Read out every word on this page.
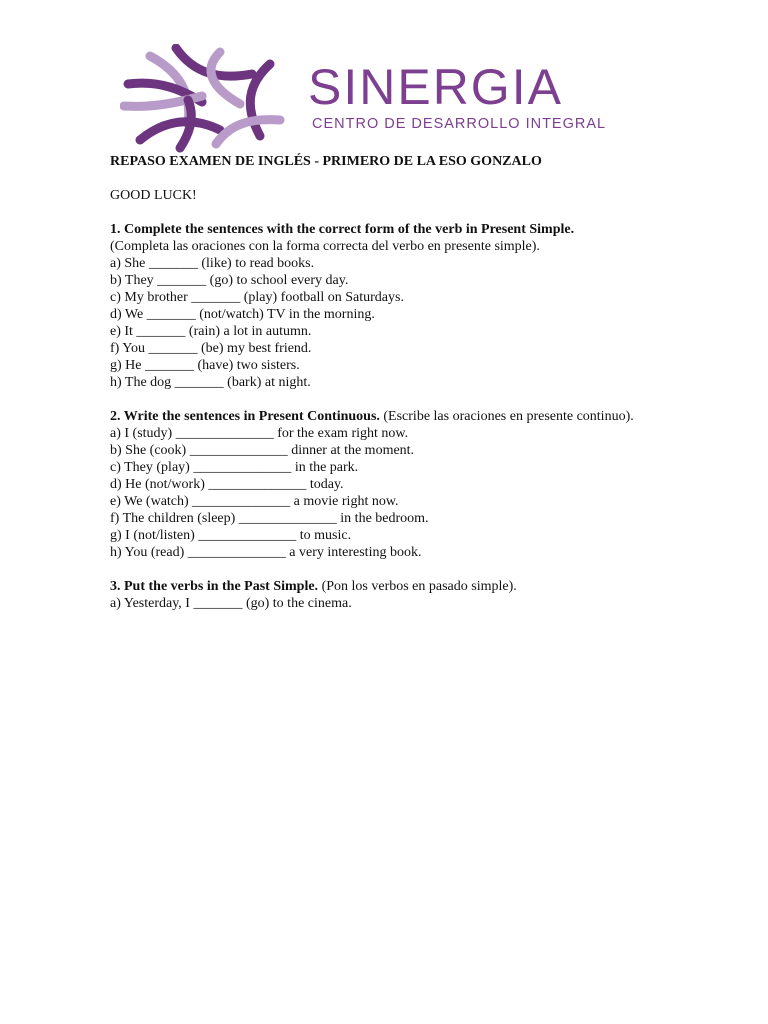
SINERGIA
CENTRO DE DESARROLLO INTEGRAL

REPASO EXAMEN DE INGLÉS - PRIMERO DE LA ESO GONZALO

GOOD LUCK!

1. Complete the sentences with the correct form of the verb in Present Simple.
(Completa las oraciones con la forma correcta del verbo en presente simple).

a) She _______ (like) to read books.

b) They _______ (go) to school every day.

c) My brother _______ (play) football on Saturdays.

d) We _______ (not/watch) TV in the morning.

e) It _______ (rain) a lot in autumn.

f) You _______ (be) my best friend.

g) He _______ (have) two sisters.

h) The dog _______ (bark) at night.

2. Write the sentences in Present Continuous. (Escribe las oraciones en presente continuo).

a) I (study) ______________ for the exam right now.

b) She (cook) ______________ dinner at the moment.

c) They (play) ______________ in the park.

d) He (not/work) ______________ today.

e) We (watch) ______________ a movie right now.

f) The children (sleep) ______________ in the bedroom.

g) I (not/listen) ______________ to music.

h) You (read) ______________ a very interesting book.

3. Put the verbs in the Past Simple. (Pon los verbos en pasado simple).

a) Yesterday, I _______ (go) to the cinema.
